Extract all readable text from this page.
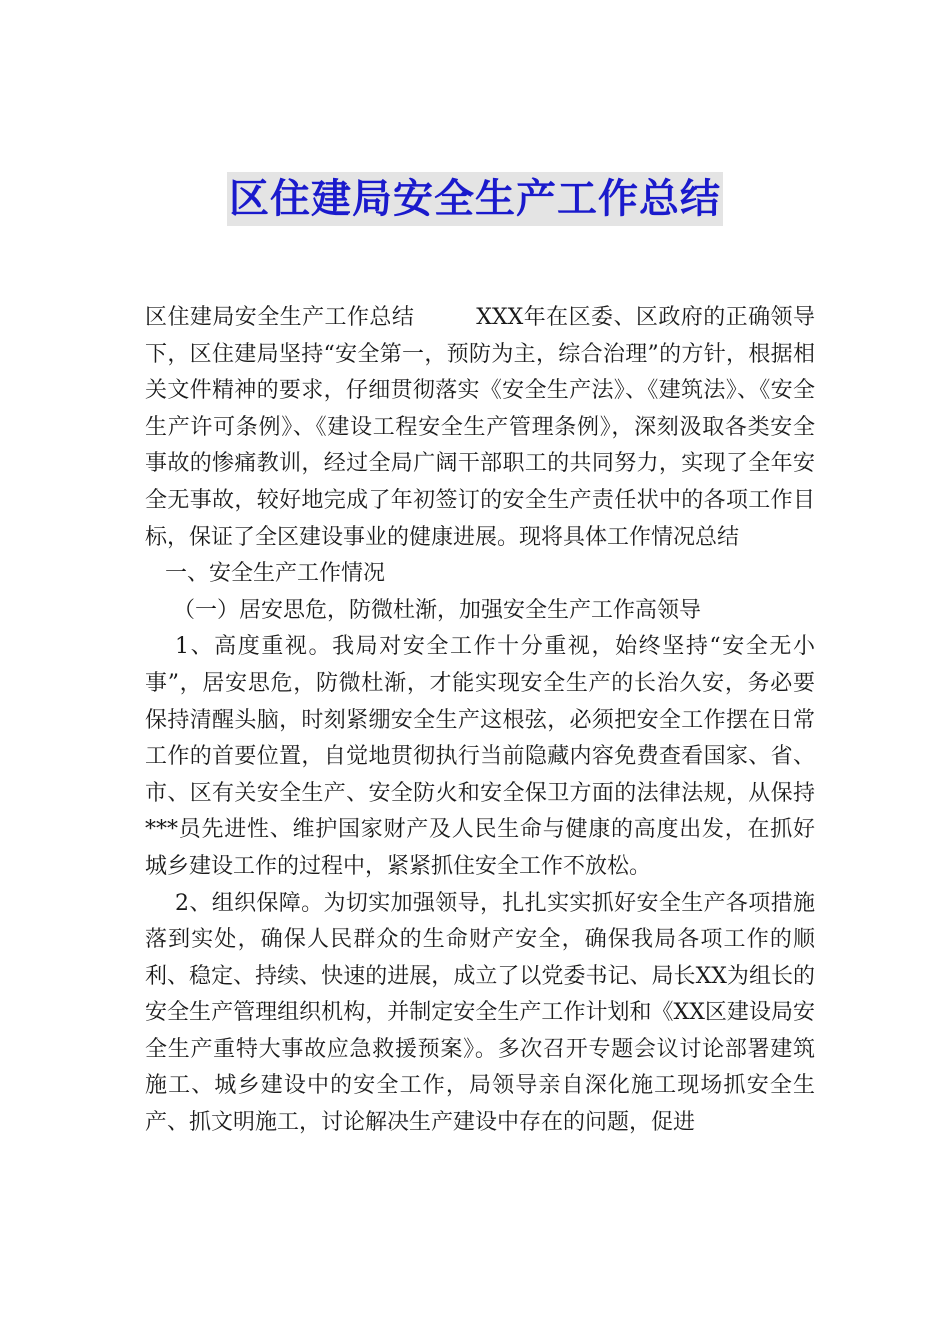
区住建局安全生产工作总结

区住建局安全生产工作总结	XXX年在区委、区政府的正确领导下，区住建局坚持“安全第一，预防为主，综合治理”的方针，根据相关文件精神的要求，仔细贯彻落实《安全生产法》、《建筑法》、《安全生产许可条例》、《建设工程安全生产管理条例》，深刻汲取各类安全事故的惨痛教训，经过全局广阔干部职工的共同努力，实现了全年安全无事故，较好地完成了年初签订的安全生产责任状中的各项工作目标，保证了全区建设事业的健康进展。现将具体工作情况总结

一、安全生产工作情况

（一）居安思危，防微杜渐，加强安全生产工作高领导

1、高度重视。我局对安全工作十分重视，始终坚持“安全无小事”，居安思危，防微杜渐，才能实现安全生产的长治久安，务必要保持清醒头脑，时刻紧绷安全生产这根弦，必须把安全工作摆在日常工作的首要位置，自觉地贯彻执行当前隐藏内容免费查看国家、省、市、区有关安全生产、安全防火和安全保卫方面的法律法规，从保持***员先进性、维护国家财产及人民生命与健康的高度出发，在抓好城乡建设工作的过程中，紧紧抓住安全工作不放松。

2、组织保障。为切实加强领导，扎扎实实抓好安全生产各项措施落到实处，确保人民群众的生命财产安全，确保我局各项工作的顺利、稳定、持续、快速的进展，成立了以党委书记、局长XX为组长的安全生产管理组织机构，并制定安全生产工作计划和《XX区建设局安全生产重特大事故应急救援预案》。多次召开专题会议讨论部署建筑施工、城乡建设中的安全工作，局领导亲自深化施工现场抓安全生产、抓文明施工，讨论解决生产建设中存在的问题，促进
